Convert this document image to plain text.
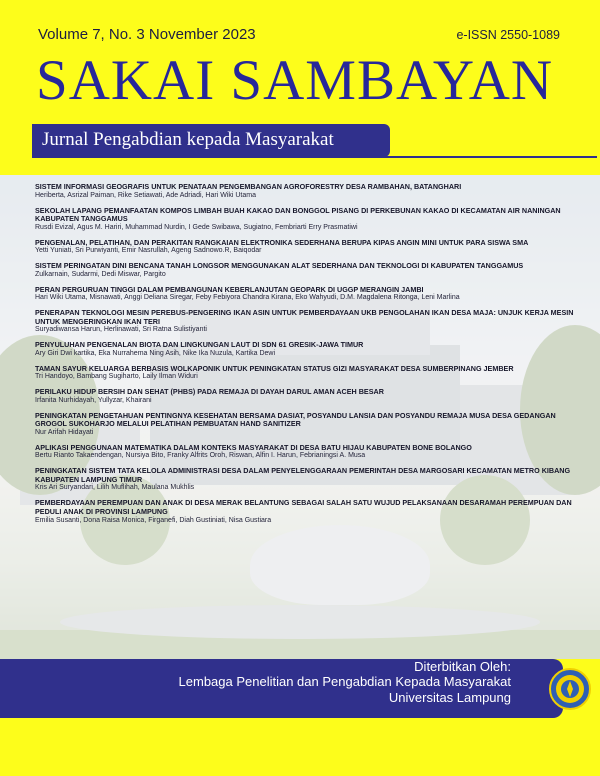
Volume 7, No. 3 November 2023	e-ISSN 2550-1089
SAKAI SAMBAYAN
Jurnal Pengabdian kepada Masyarakat
SISTEM INFORMASI GEOGRAFIS UNTUK PENATAAN PENGEMBANGAN AGROFORESTRY DESA RAMBAHAN, BATANGHARI
Heriberta, Asrizal Paiman, Rike Setiawati, Ade Adriadi, Hari Wiki Utama
SEKOLAH LAPANG PEMANFAATAN KOMPOS LIMBAH BUAH KAKAO DAN BONGGOL PISANG DI PERKEBUNAN KAKAO DI KECAMATAN AIR NANINGAN KABUPATEN TANGGAMUS
Rusdi Evizal, Agus M. Hariri, Muhammad Nurdin, I Gede Swibawa, Sugiatno, Fembriarti Erry Prasmatiwi
PENGENALAN, PELATIHAN, DAN PERAKITAN RANGKAIAN ELEKTRONIKA SEDERHANA BERUPA KIPAS ANGIN MINI UNTUK PARA SISWA SMA
Yetti Yuniati, Sri Purwiyanti, Emir Nasrullah, Ageng Sadnowo.R, Baiqodar
SISTEM PERINGATAN DINI BENCANA TANAH LONGSOR MENGGUNAKAN ALAT SEDERHANA DAN TEKNOLOGI DI KABUPATEN TANGGAMUS
Zulkarnain, Sudarmi, Dedi Miswar, Pargito
PERAN PERGURUAN TINGGI DALAM PEMBANGUNAN KEBERLANJUTAN GEOPARK DI UGGP MERANGIN JAMBI
Hari Wiki Utama, Misnawati, Anggi Deliana Siregar, Feby Febiyora Chandra Kirana, Eko Wahyudi, D.M. Magdalena Ritonga, Leni Marlina
PENERAPAN TEKNOLOGI MESIN PEREBUS-PENGERING IKAN ASIN UNTUK PEMBERDAYAAN UKB PENGOLAHAN IKAN DESA MAJA: UNJUK KERJA MESIN UNTUK MENGERINGKAN IKAN TERI
Suryadiwansa Harun, Herlinawati, Sri Ratna Sulistiyanti
PENYULUHAN PENGENALAN BIOTA DAN LINGKUNGAN LAUT DI SDN 61 GRESIK-JAWA TIMUR
Ary Giri Dwi kartika, Eka Nurrahema Ning Asih, Nike Ika Nuzula, Kartika Dewi
TAMAN SAYUR KELUARGA BERBASIS WOLKAPONIK UNTUK PENINGKATAN STATUS GIZI MASYARAKAT DESA SUMBERPINANG JEMBER
Tri Handoyo, Bambang Sugiharto, Laily Ilman Widuri
PERILAKU HIDUP BERSIH DAN SEHAT (PHBS) PADA REMAJA DI DAYAH DARUL AMAN ACEH BESAR
Irfanita Nurhidayah, Yullyzar, Khairani
PENINGKATAN PENGETAHUAN PENTINGNYA KESEHATAN BERSAMA DASIAT, POSYANDU LANSIA DAN POSYANDU REMAJA MUSA DESA GEDANGAN GROGOL SUKOHARJO MELALUI PELATIHAN PEMBUATAN HAND SANITIZER
Nur Arifah Hidayati
APLIKASI PENGGUNAAN MATEMATIKA DALAM KONTEKS MASYARAKAT DI DESA BATU HIJAU KABUPATEN BONE BOLANGO
Bertu Rianto Takaendengan, Nursiya Bito, Franky Alfrits Oroh, Riswan, Alfin I. Harun, Febrianingsi A. Musa
PENINGKATAN SISTEM TATA KELOLA ADMINISTRASI DESA DALAM PENYELENGGARAAN PEMERINTAH DESA MARGOSARI KECAMATAN METRO KIBANG KABUPATEN LAMPUNG TIMUR
Kris Ari Suryandari, Lilih Muflihah, Maulana Mukhlis
PEMBERDAYAAN PEREMPUAN DAN ANAK DI DESA MERAK BELANTUNG SEBAGAI SALAH SATU WUJUD PELAKSANAAN DESARAMAH PEREMPUAN DAN PEDULI ANAK DI PROVINSI LAMPUNG
Emilia Susanti, Dona Raisa Monica, Firganefi, Diah Gustiniati, Nisa Gustiara
Diterbitkan Oleh:
Lembaga Penelitian dan Pengabdian Kepada Masyarakat
Universitas Lampung
